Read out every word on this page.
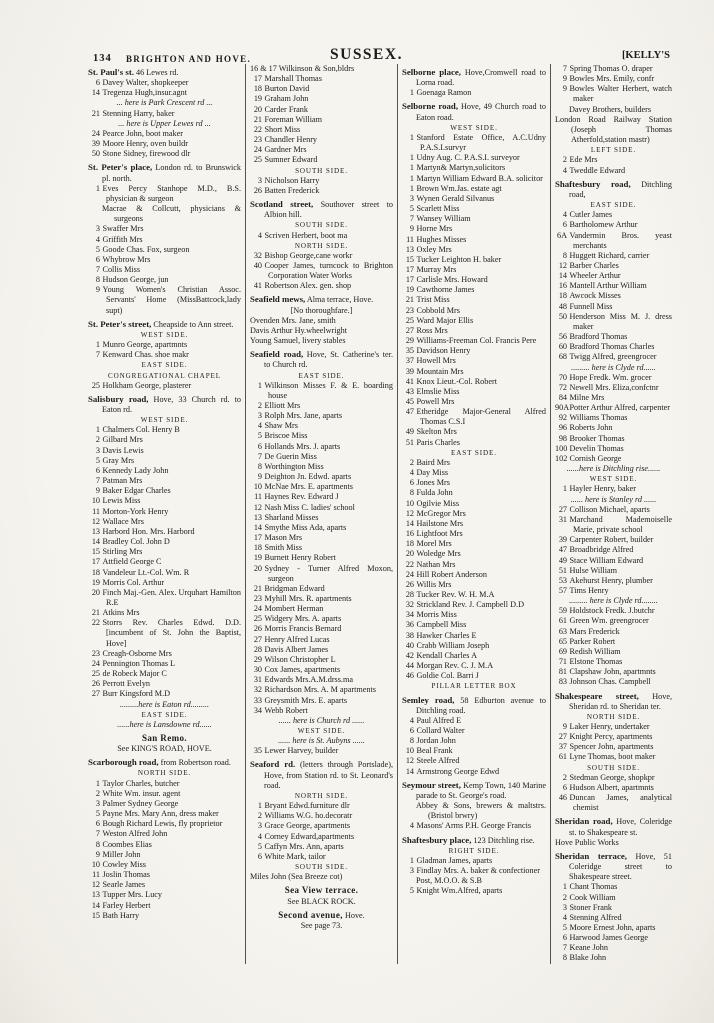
134 BRIGHTON AND HOVE.	SUSSEX.	[KELLY'S
St. Paul's st. 46 Lewes rd.
6 Davey Walter, shopkeeper
14 Tregenza Hugh,insur.agnt
... here is Park Crescent rd ...
21 Stenning Harry, baker
... here is Upper Lewes rd ...
24 Pearce John, boot maker
39 Moore Henry, oven buildr
50 Stone Sidney, firewood dlr
St. Peter's place, London rd. to Brunswick pl. north.
1 Eves Percy Stanhope M.D., B.S. physician & surgeon
Macrae & Collcutt, physicians & surgeons
3 Swaffer Mrs
4 Griffith Mrs
5 Goode Chas. Fox, surgeon
6 Whybrow Mrs
7 Collis Miss
8 Hudson George, jun
9 Young Women's Christian Assoc. Servants' Home (MissBattcock,lady supt)
St. Peter's street, Cheapside to Ann street.
WEST SIDE.
1 Munro George, apartmnts
7 Kenward Chas. shoe makr
EAST SIDE.
CONGREGATIONAL CHAPEL
25 Holkham George, plasterer
Salisbury road, Hove, 33 Church rd. to Eaton rd.
WEST SIDE.
1 Chalmers Col. Henry B
2 Gilbard Mrs
3 Davis Lewis
5 Gray Mrs
6 Kennedy Lady John
7 Patman Mrs
9 Baker Edgar Charles
10 Lewis Miss
11 Morton-York Henry
12 Wallace Mrs
13 Harbord Hon. Mrs. Harbord
14 Bradley Col. John D
15 Stirling Mrs
17 Attfield George C
18 Vandeleur Lt.-Col. Wm. R
19 Morris Col. Arthur
20 Finch Maj.-Gen. Alex. Urquhart Hamilton R.E
21 Atkins Mrs
22 Storrs Rev. Charles Edwd. D.D. [incumbent of St. John the Baptist, Hove]
23 Creagh-Osborne Mrs
24 Pennington Thomas L
25 de Robeck Major C
26 Perrott Evelyn
27 Burr Kingsford M.D
.........here is Eaton rd.........
EAST SIDE.
......here is Lansdowne rd......
San Remo.
See KING'S ROAD, HOVE.
Scarborough road, from Robertson road.
NORTH SIDE.
1 Taylor Charles, butcher
2 White Wm. insur. agent
3 Palmer Sydney George
5 Payne Mrs. Mary Ann, dress maker
6 Bough Richard Lewis, fly proprietor
7 Weston Alfred John
8 Coombes Elias
9 Miller John
10 Cowley Miss
11 Joslin Thomas
12 Searle James
13 Tupper Mrs. Lucy
14 Farley Herbert
15 Bath Harry
16 & 17 Wilkinson & Son,bldrs
17 Marshall Thomas
18 Burton David
19 Graham John
20 Carder Frank
21 Foreman William
22 Short Miss
23 Chandler Henry
24 Gardner Mrs
25 Sumner Edward
SOUTH SIDE.
3 Nicholson Harry
26 Batten Frederick
Scotland street, Southover street to Albion hill.
SOUTH SIDE.
4 Scriven Herbert, boot ma
NORTH SIDE.
32 Bishop George,cane workr
40 Cooper James, turncock to Brighton Corporation Water Works
41 Robertson Alex. gen. shop
Seafield mews, Alma terrace, Hove.
[No thoroughfare.]
Ovenden Mrs. Jane, smith
Davis Arthur Hy.wheelwright
Young Samuel, livery stables
Seafield road, Hove, St. Catherine's ter. to Church rd.
EAST SIDE.
1 Wilkinson Misses F. & E. boarding house
2 Elliott Mrs
3 Rolph Mrs. Jane, aparts
4 Shaw Mrs
5 Briscoe Miss
6 Hollands Mrs. J. aparts
7 De Guerin Miss
8 Worthington Miss
9 Deighton Jn. Edwd. aparts
10 McNae Mrs. E. apartments
11 Haynes Rev. Edward J
12 Nash Miss C. ladies' school
13 Sharland Misses
14 Smythe Miss Ada, aparts
17 Mason Mrs
18 Smith Miss
19 Burnett Henry Robert
20 Sydney - Turner Alfred Moxon, surgeon
21 Bridgman Edward
23 Myhill Mrs. R. apartments
24 Mombert Herman
25 Widgery Mrs. A. aparts
26 Morris Francis Bernard
27 Henry Alfred Lucas
28 Davis Albert James
29 Wilson Christopher L
30 Cox James, apartments
31 Edwards Mrs.A.M.drss.ma
32 Richardson Mrs. A. M apartments
33 Greysmith Mrs. E. aparts
34 Webb Robert
...... here is Church rd ......
WEST SIDE.
...... here is St. Aubyns ......
35 Lewer Harvey, builder
Seaford rd. (letters through Portslade), Hove, from Station rd. to St. Leonard's road.
NORTH SIDE.
1 Bryant Edwd.furniture dlr
2 Williams W.G. ho.decoratr
3 Grace George, apartments
4 Corney Edward,apartments
5 Caffyn Mrs. Ann, aparts
6 White Mark, tailor
SOUTH SIDE.
Miles John (Sea Breeze cot)
Sea View terrace.
See BLACK ROCK.
Second avenue, Hove.
See page 73.
Selborne place, Hove,Cromwell road to Lorna road.
1 Goenaga Ramon
Selborne road, Hove, 49 Church road to Eaton road.
WEST SIDE.
1 Stanford Estate Office, A.C.Udny P.A.S.I.survyr
1 Udny Aug. C. P.A.S.I. surveyor
1 Martyn& Martyn,solicitors
1 Martyn William Edward B.A. solicitor
1 Brown Wm.Jas. estate agt
3 Wynen Gerald Silvanus
5 Scarlett Miss
7 Wansey William
9 Horne Mrs
11 Hughes Misses
13 Oxley Mrs
15 Tucker Leighton H. baker
17 Murray Mrs
17 Carlisle Mrs. Howard
19 Cawthorne James
21 Trist Miss
23 Cobbold Mrs
25 Ward Major Ellis
27 Ross Mrs
29 Williams-Freeman Col. Francis Pere
35 Davidson Henry
37 Howell Mrs
39 Mountain Mrs
41 Knox Lieut.-Col. Robert
43 Elmslie Miss
45 Powell Mrs
47 Etheridge Major-General Alfred Thomas C.S.I
49 Skelton Mrs
51 Paris Charles
EAST SIDE.
2 Baird Mrs
4 Day Miss
6 Jones Mrs
8 Fulda John
10 Ogilvie Miss
12 McGregor Mrs
14 Hailstone Mrs
16 Lightfoot Mrs
18 Morel Mrs
20 Woledge Mrs
22 Nathan Mrs
24 Hill Robert Anderson
26 Willis Mrs
28 Tucker Rev. W. H. M.A
32 Strickland Rev. J. Campbell D.D
34 Morris Miss
36 Campbell Miss
38 Hawker Charles E
40 Crabb William Joseph
42 Kendall Charles A
44 Morgan Rev. C. J. M.A
46 Goldie Col. Barri J
PILLAR LETTER BOX
Semley road, 58 Edburton avenue to Ditchling road.
4 Paul Alfred E
6 Collard Walter
8 Jordan John
10 Beal Frank
12 Steele Alfred
14 Armstrong George Edwd
Seymour street, Kemp Town, 140 Marine parade to St. George's road.
Abbey & Sons, brewers & maltstrs. (Bristol brwry)
4 Masons' Arms P.H. George Francis
Shaftesbury place, 123 Ditchling rise.
RIGHT SIDE.
1 Gladman James, aparts
3 Findlay Mrs. A. baker & confectioner
Post, M.O.O. & S.B
5 Knight Wm.Alfred, aparts
7 Spring Thomas O. draper
9 Bowles Mrs. Emily, confr
9 Bowles Walter Herbert, watch maker
Davey Brothers, builders
London Road Railway Station (Joseph Thomas Atherfold,station mastr)
LEFT SIDE.
2 Ede Mrs
4 Tweddle Edward
Shaftesbury road, Ditchling road,
EAST SIDE.
4 Cutler James
6 Bartholomew Arthur
6A Vandermin Bros. yeast merchants
8 Huggett Richard, carrier
12 Barber Charles
14 Wheeler Arthur
16 Mantell Arthur William
18 Awcock Misses
48 Funnell Miss
50 Henderson Miss M. J. dress maker
56 Bradford Thomas
60 Bradford Thomas Charles
68 Twigg Alfred, greengrocer
......... here is Clyde rd......
70 Hope Fredk. Wm. grocer
72 Newell Mrs. Eliza,confctnr
84 Milne Mrs
90APotter Arthur Alfred, carpenter
92 Williams Thomas
96 Roberts John
98 Brooker Thomas
100 Develin Thomas
102 Cornish George
......here is Ditchling rise......
WEST SIDE.
1 Hayler Henry, baker
...... here is Stanley rd ......
27 Collison Michael, aparts
31 Marchand Mademoiselle Marie, private school
39 Carpenter Robert, builder
47 Broadbridge Alfred
49 Stace William Edward
51 Hulse William
53 Akehurst Henry, plumber
57 Tims Henry
......... here is Clyde rd........
59 Holdstock Fredk. J.butchr
61 Green Wm. greengrocer
63 Mars Frederick
65 Parker Robert
69 Redish William
71 Elstone Thomas
81 Clapshaw John, apartmnts
83 Johnson Chas. Campbell
Shakespeare street, Hove, Sheridan rd. to Sheridan ter.
NORTH SIDE.
9 Laker Henry, undertaker
27 Knight Percy, apartments
37 Spencer John, apartments
61 Lyne Thomas, boot maker
SOUTH SIDE.
2 Stedman George, shopkpr
6 Hudson Albert, apartmnts
46 Duncan James, analytical chemist
Sheridan road, Hove, Coleridge st. to Shakespeare st.
Hove Public Works
Sheridan terrace, Hove, 51 Coleridge street to Shakespeare street.
1 Chant Thomas
2 Cook William
3 Stoner Frank
4 Stenning Alfred
5 Moore Ernest John, aparts
6 Harwood James George
7 Keane John
8 Blake John
